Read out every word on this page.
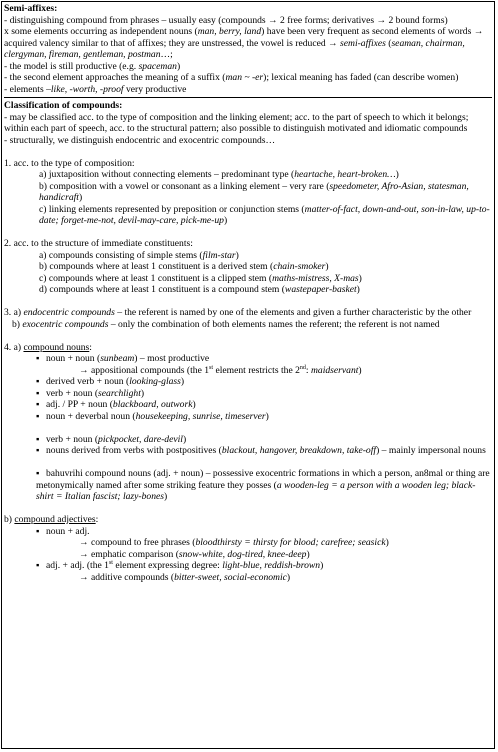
Semi-affixes:

- distinguishing compound from phrases – usually easy (compounds → 2 free forms; derivatives → 2 bound forms)

x some elements occurring as independent nouns (man, berry, land) have been very frequent as second elements of words → acquired valency similar to that of affixes; they are unstressed, the vowel is reduced → semi-affixes (seaman, chairman, clergyman, fireman, gentleman, postman…;

- the model is still productive (e.g. spaceman)

- the second element approaches the meaning of a suffix (man ~ -er); lexical meaning has faded (can describe women)

- elements –like, -worth, -proof very productive

Classification of compounds:

- may be classified acc. to the type of composition and the linking element; acc. to the part of speech to which it belongs; within each part of speech, acc. to the structural pattern; also possible to distinguish motivated and idiomatic compounds

- structurally, we distinguish endocentric and exocentric compounds…

1. acc. to the type of composition:

a) juxtaposition without connecting elements – predominant type (heartache, heart-broken…)

b) composition with a vowel or consonant as a linking element – very rare (speedometer, Afro-Asian, statesman, handicraft)

c) linking elements represented by preposition or conjunction stems (matter-of-fact, down-and-out, son-in-law, up-to-date; forget-me-not, devil-may-care, pick-me-up)

2. acc. to the structure of immediate constituents:

a) compounds consisting of simple stems (film-star)

b) compounds where at least 1 constituent is a derived stem (chain-smoker)

c) compounds where at least 1 constituent is a clipped stem (maths-mistress, X-mas)

d) compounds where at least 1 constituent is a compound stem (wastepaper-basket)

3. a) endocentric compounds – the referent is named by one of the elements and given a further characteristic by the other

b) exocentric compounds – only the combination of both elements names the referent; the referent is not named

4. a) compound nouns:

▪ noun + noun (sunbeam) – most productive

→ appositional compounds (the 1st element restricts the 2nd: maidservant)

▪ derived verb + noun (looking-glass)

▪ verb + noun (searchlight)

▪ adj. / PP + noun (blackboard, outwork)

▪ noun + deverbal noun (housekeeping, sunrise, timeserver)

▪ verb + noun (pickpocket, dare-devil)

▪ nouns derived from verbs with postpositives (blackout, hangover, breakdown, take-off) – mainly impersonal nouns

▪ bahuvrihi compound nouns (adj. + noun) – possessive exocentric formations in which a person, an8mal or thing are metonymically named after some striking feature they posses (a wooden-leg = a person with a wooden leg; black-shirt = Italian fascist; lazy-bones)

b) compound adjectives:

▪ noun + adj.

→ compound to free phrases (bloodthirsty = thirsty for blood; carefree; seasick)

→ emphatic comparison (snow-white, dog-tired, knee-deep)

▪ adj. + adj. (the 1st element expressing degree: light-blue, reddish-brown)

→ additive compounds (bitter-sweet, social-economic)
